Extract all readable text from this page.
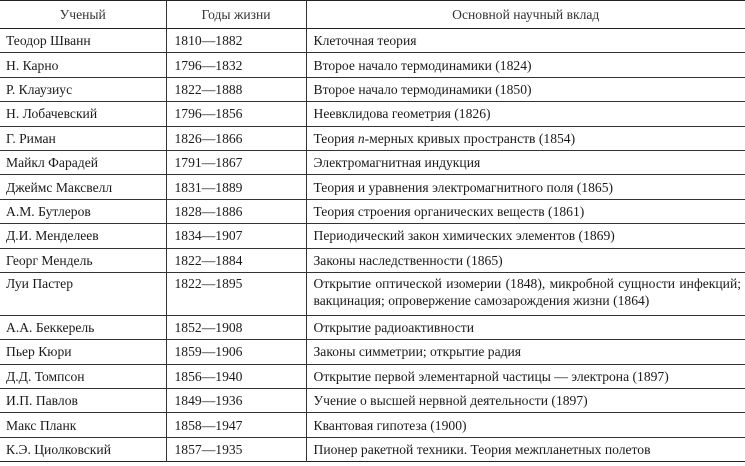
Ученый	Годы жизни	Основной научный вклад
Теодор Шванн	1810—1882	Клеточная теория
Н. Карно	1796—1832	Второе начало термодинамики (1824)
Р. Клаузиус	1822—1888	Второе начало термодинамики (1850)
Н. Лобачевский	1796—1856	Неевклидова геометрия (1826)
Г. Риман	1826—1866	Теория n-мерных кривых пространств (1854)
Майкл Фарадей	1791—1867	Электромагнитная индукция
Джеймс Максвелл	1831—1889	Теория и уравнения электромагнитного поля (1865)
А.М. Бутлеров	1828—1886	Теория строения органических веществ (1861)
Д.И. Менделеев	1834—1907	Периодический закон химических элементов (1869)
Георг Мендель	1822—1884	Законы наследственности (1865)
Луи Пастер	1822—1895	Открытие оптической изомерии (1848), микробной сущности инфекций; вакцинация; опровержение самозарождения жизни (1864)
А.А. Беккерель	1852—1908	Открытие радиоактивности
Пьер Кюри	1859—1906	Законы симметрии; открытие радия
Д.Д. Томпсон	1856—1940	Открытие первой элементарной частицы — электрона (1897)
И.П. Павлов	1849—1936	Учение о высшей нервной деятельности (1897)
Макс Планк	1858—1947	Квантовая гипотеза (1900)
К.Э. Циолковский	1857—1935	Пионер ракетной техники. Теория межпланетных полетов
